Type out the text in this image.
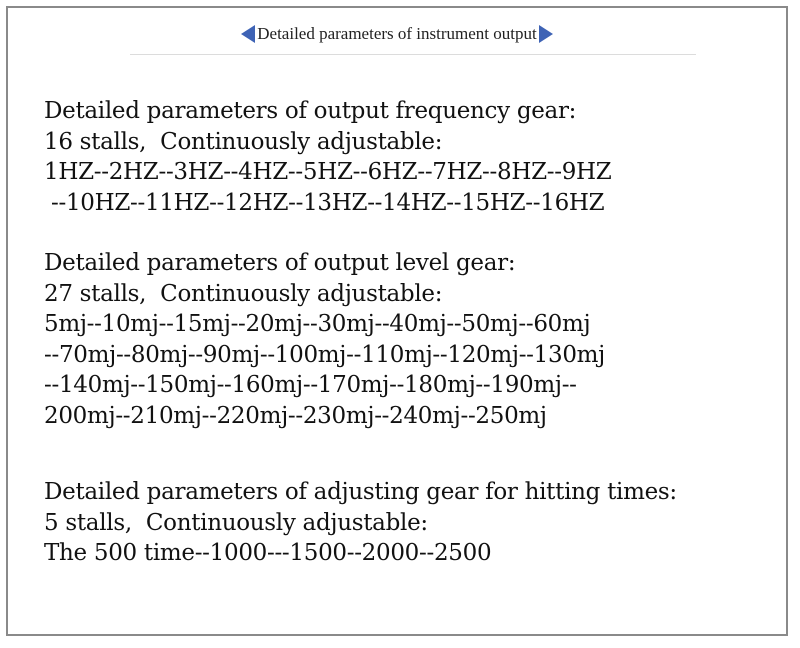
Detailed parameters of instrument output
Detailed parameters of output frequency gear:
16 stalls,  Continuously adjustable:
1HZ--2HZ--3HZ--4HZ--5HZ--6HZ--7HZ--8HZ--9HZ
--10HZ--11HZ--12HZ--13HZ--14HZ--15HZ--16HZ
Detailed parameters of output level gear:
27 stalls,  Continuously adjustable:
5mj--10mj--15mj--20mj--30mj--40mj--50mj--60mj
--70mj--80mj--90mj--100mj--110mj--120mj--130mj
--140mj--150mj--160mj--170mj--180mj--190mj--
200mj--210mj--220mj--230mj--240mj--250mj
Detailed parameters of adjusting gear for hitting times:
5 stalls,  Continuously adjustable:
The 500 time--1000---1500--2000--2500
